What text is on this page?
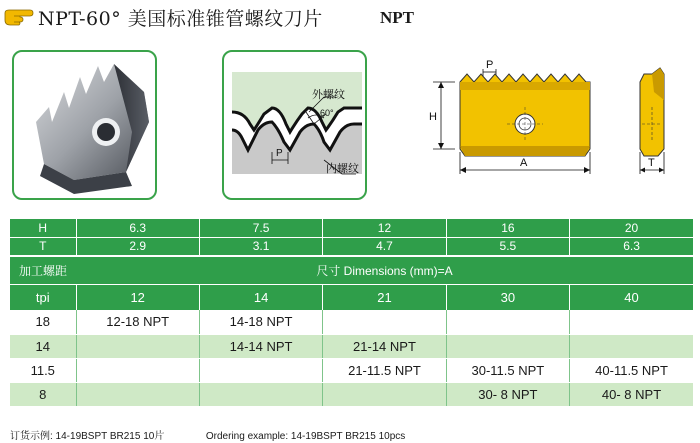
NPT-60° 美国标准锥管螺纹刀片	NPT
外螺纹
60°
P
内螺纹
P
H
A	T
H	6.3	7.5	12	16	20
T	2.9	3.1	4.7	5.5	6.3
加工螺距	尺寸 Dimensions (mm)=A				
tpi	12	14	21	30	40
18	12-18 NPT	14-18 NPT			
14		14-14 NPT	21-14 NPT		
11.5			21-11.5 NPT	30-11.5 NPT	40-11.5 NPT
8				30- 8 NPT	40- 8 NPT
订货示例: 14-19BSPT BR215 10片	Ordering example: 14-19BSPT BR215 10pcs
